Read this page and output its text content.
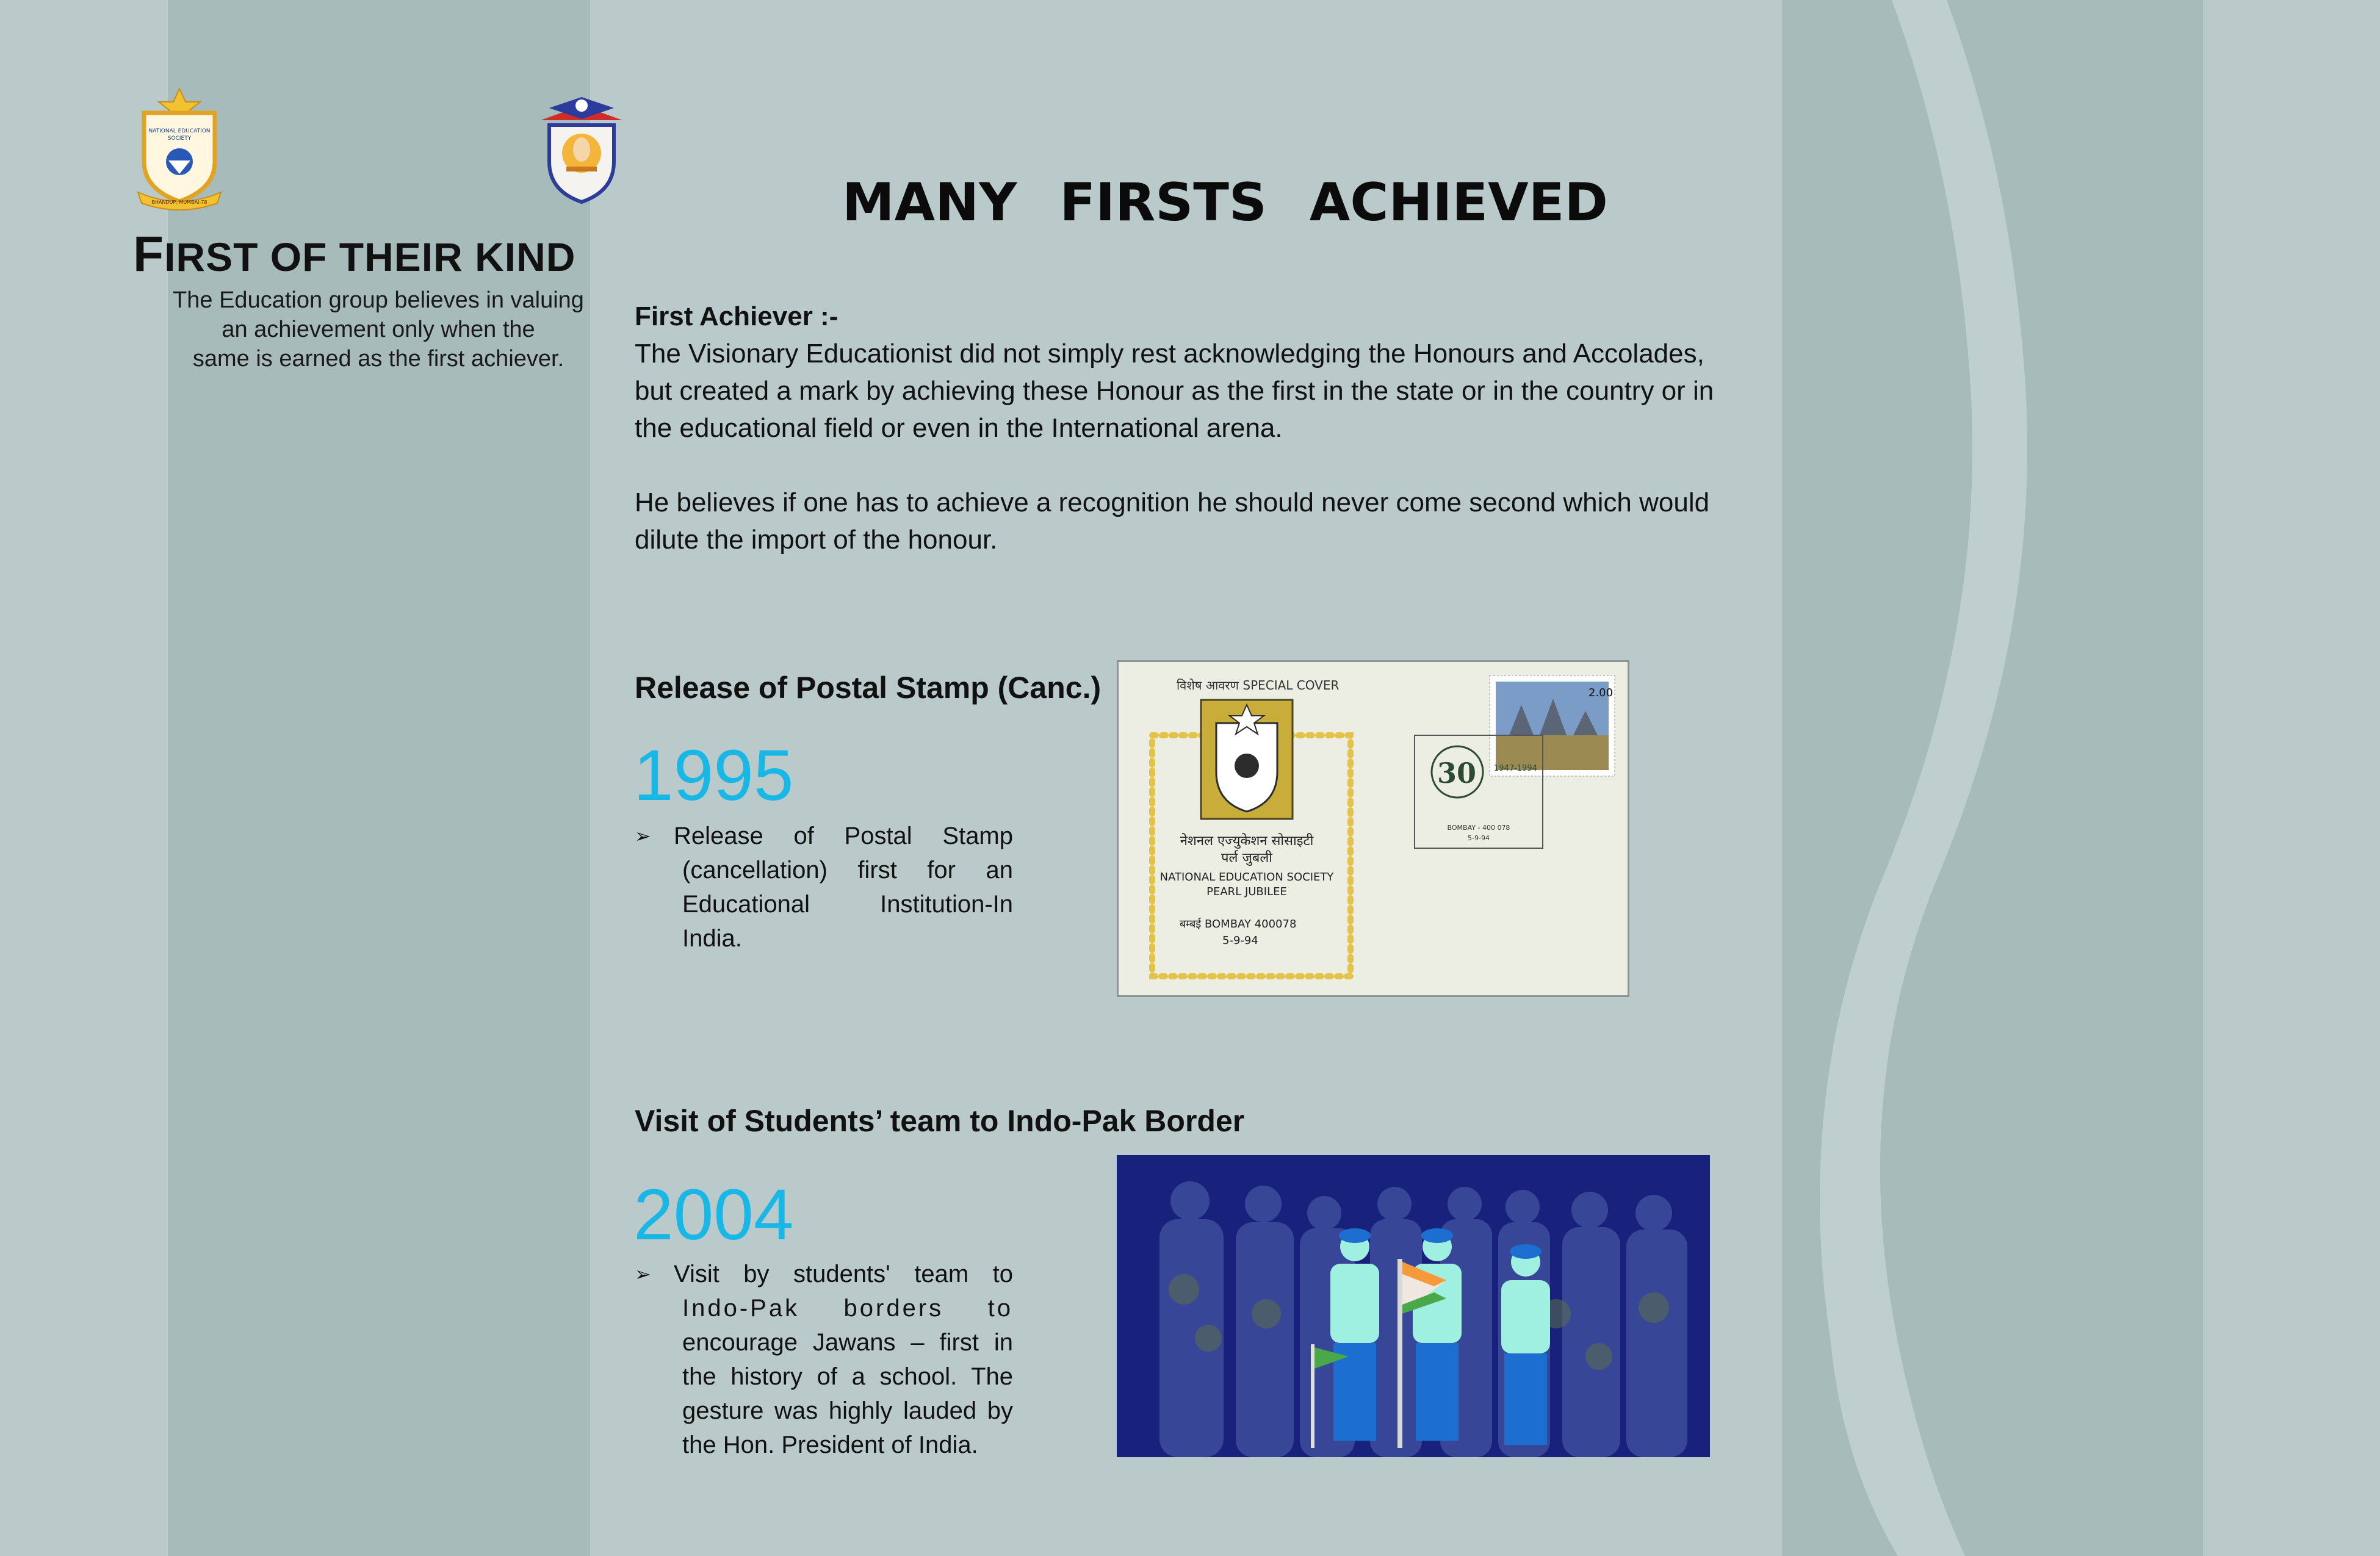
NATIONAL EDUCATION
SOCIETY
BHANDUP, MUMBAI-78
FIRST OF THEIR KIND
The Education group believes in valuing
an achievement only when the
same is earned as the first achiever.
MANY FIRSTS ACHIEVED
First Achiever :-

The Visionary Educationist did not simply rest acknowledging the Honours and Accolades, but created a mark by achieving these Honour as the first in the state or in the country or in the educational field or even in the International arena.

He believes if one has to achieve a recognition he should never come second which would dilute the import of the honour.

Release of Postal Stamp (Canc.)
1995
➢ Release of Postal Stamp
(cancellation) first for an
Educational Institution-In
India.
विशेष आवरण SPECIAL COVER
नेशनल एज्युकेशन सोसाइटी
पर्ल जुबली
NATIONAL EDUCATION SOCIETY
PEARL JUBILEE
बम्बई BOMBAY 400078
5-9-94
2.00
30 1947-1994
BOMBAY - 400 078
5-9-94
Visit of Students’ team to Indo-Pak Border
2004
➢ Visit by students' team to
Indo-Pak borders to
encourage Jawans – first in
the history of a school. The
gesture was highly lauded by
the Hon. President of India.
